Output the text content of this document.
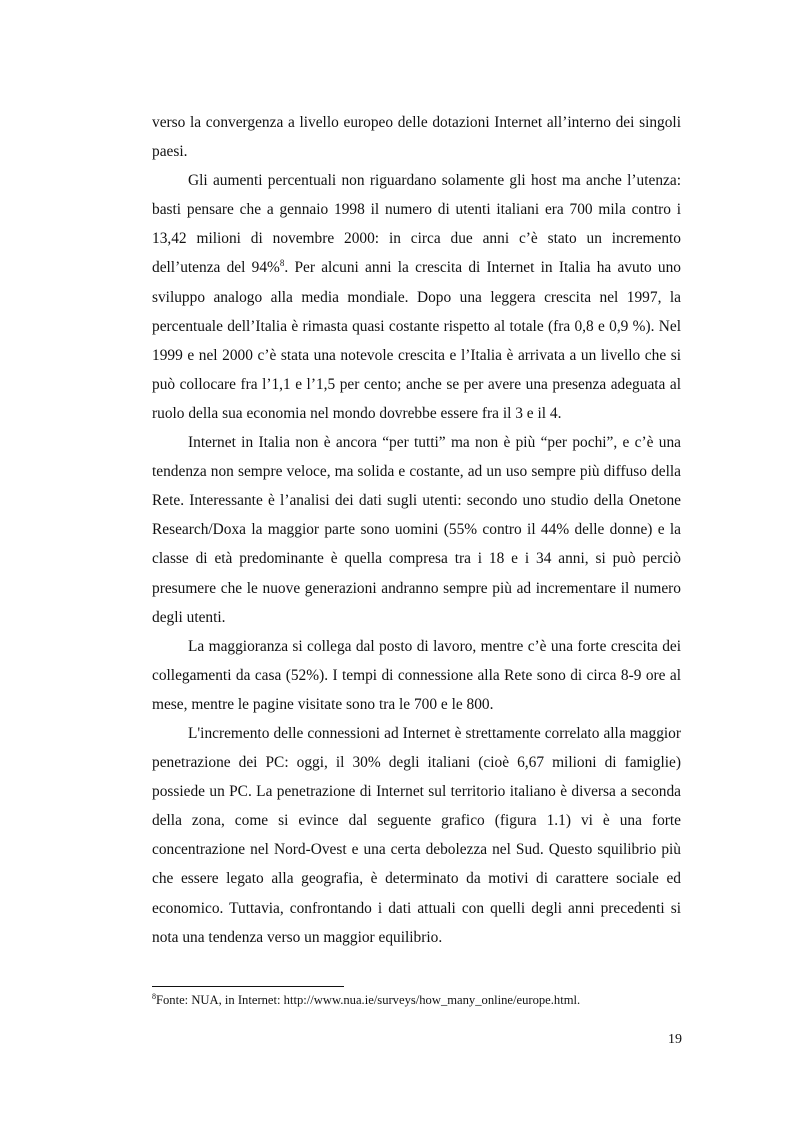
verso la convergenza a livello europeo delle dotazioni Internet all’interno dei singoli paesi.

Gli aumenti percentuali non riguardano solamente gli host ma anche l’utenza: basti pensare che a gennaio 1998 il numero di utenti italiani era 700 mila contro i 13,42 milioni di novembre 2000: in circa due anni c’è stato un incremento dell’utenza del 94%$^8$. Per alcuni anni la crescita di Internet in Italia ha avuto uno sviluppo analogo alla media mondiale. Dopo una leggera crescita nel 1997, la percentuale dell’Italia è rimasta quasi costante rispetto al totale (fra 0,8 e 0,9 %). Nel 1999 e nel 2000 c’è stata una notevole crescita e l’Italia è arrivata a un livello che si può collocare fra l’1,1 e l’1,5 per cento; anche se per avere una presenza adeguata al ruolo della sua economia nel mondo dovrebbe essere fra il 3 e il 4.

Internet in Italia non è ancora “per tutti” ma non è più “per pochi”, e c’è una tendenza non sempre veloce, ma solida e costante, ad un uso sempre più diffuso della Rete. Interessante è l’analisi dei dati sugli utenti: secondo uno studio della Onetone Research/Doxa la maggior parte sono uomini (55% contro il 44% delle donne) e la classe di età predominante è quella compresa tra i 18 e i 34 anni, si può perciò presumere che le nuove generazioni andranno sempre più ad incrementare il numero degli utenti.

La maggioranza si collega dal posto di lavoro, mentre c’è una forte crescita dei collegamenti da casa (52%). I tempi di connessione alla Rete sono di circa 8-9 ore al mese, mentre le pagine visitate sono tra le 700 e le 800.

L'incremento delle connessioni ad Internet è strettamente correlato alla maggior penetrazione dei PC: oggi, il 30% degli italiani (cioè 6,67 milioni di famiglie) possiede un PC. La penetrazione di Internet sul territorio italiano è diversa a seconda della zona, come si evince dal seguente grafico (figura 1.1) vi è una forte concentrazione nel Nord-Ovest e una certa debolezza nel Sud. Questo squilibrio più che essere legato alla geografia, è determinato da motivi di carattere sociale ed economico. Tuttavia, confrontando i dati attuali con quelli degli anni precedenti si nota una tendenza verso un maggior equilibrio.

$^8$Fonte: NUA, in Internet: http://www.nua.ie/surveys/how_many_online/europe.html.
19
